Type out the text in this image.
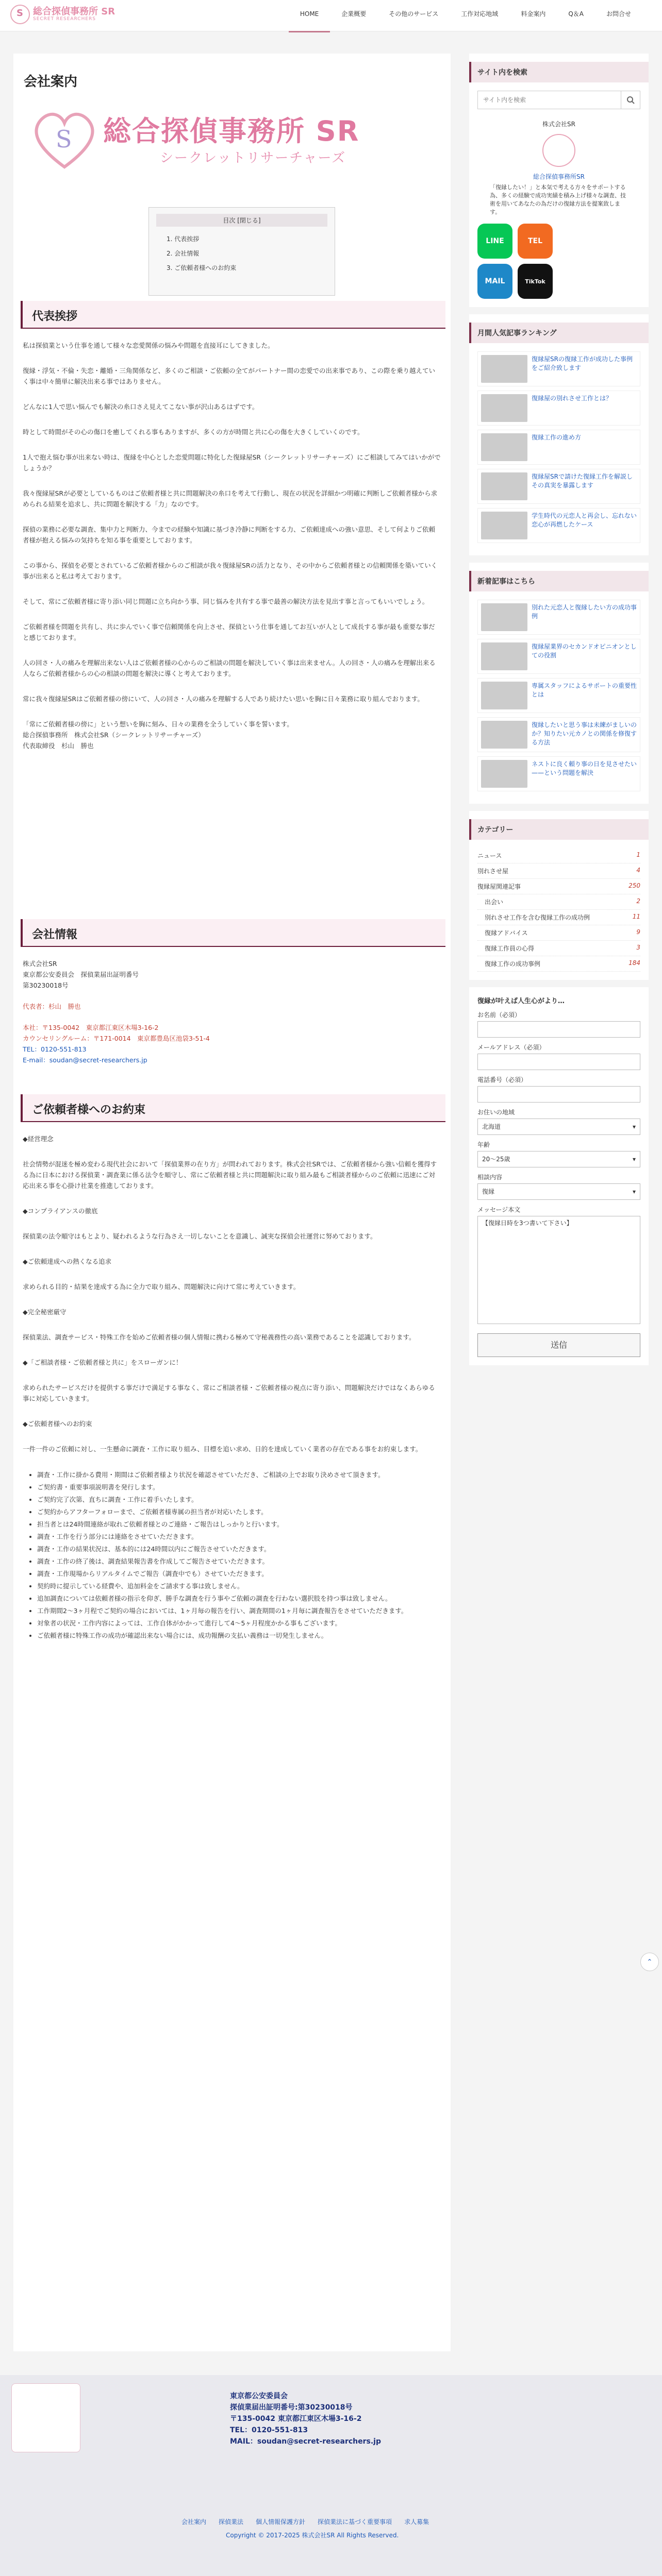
S
総合探偵事務所 SR
SECRET RESEARCHERS
HOME	企業概要	その他のサービス	工作対応地域	料金案内	Q＆A	お問合せ
会社案内
S 総合探偵事務所 SR
シークレットリサーチャーズ
目次 [閉じる]
1. 代表挨拶
2. 会社情報
3. ご依頼者様へのお約束
代表挨拶

私は探偵業という仕事を通して様々な恋愛関係の悩みや問題を直接耳にしてきました。

復縁・浮気・不倫・失恋・離婚・三角関係など、多くのご相談・ご依頼の全てがパートナー間の恋愛での出来事であり、この際を乗り越えていく事は中々簡単に解決出来る事ではありません。

どんなに1人で思い悩んでも解決の糸口さえ見えてこない事が沢山あるはずです。

時として時間がその心の傷口を癒してくれる事もありますが、多くの方が時間と共に心の傷を大きくしていくのです。

1人で抱え悩む事が出来ない時は、復縁を中心とした恋愛問題に特化した復縁屋SR（シークレットリサーチャーズ）にご相談してみてはいかがでしょうか？

我々復縁屋SRが必要としているものはご依頼者様と共に問題解決の糸口を考えて行動し、現在の状況を詳細かつ明確に判断しご依頼者様から求められる結果を追求し、共に問題を解決する「力」なのです。

探偵の業務に必要な調査、集中力と判断力、今までの経験や知識に基づき冷静に判断をする力、ご依頼達成への強い意思、そして何よりご依頼者様が抱える悩みの気持ちを知る事を重要としております。

この事から、探偵を必要とされているご依頼者様からのご相談が我々復縁屋SRの活力となり、その中からご依頼者様との信頼関係を築いていく事が出来ると私は考えております。

そして、常にご依頼者様に寄り添い同じ問題に立ち向かう事、同じ悩みを共有する事で最善の解決方法を見出す事と言ってもいいでしょう。

ご依頼者様を問題を共有し、共に歩んでいく事で信頼関係を向上させ、探偵という仕事を通してお互いが人として成長する事が最も重要な事だと感じております。

人の回さ・人の痛みを理解出来ない人はご依頼者様の心からのご相談の問題を解決していく事は出来ません。人の回さ・人の痛みを理解出来る人ならご依頼者様からの心の相談の問題を解決に導くと考えております。

常に我々復縁屋SRはご依頼者様の傍にいて、人の回さ・人の痛みを理解する人であり続けたい思いを胸に日々業務に取り組んでおります。

「常にご依頼者様の傍に」という想いを胸に刻み、日々の業務を全うしていく事を誓います。
総合探偵事務所　株式会社SR（シークレットリサーチャーズ）
代表取締役　杉山　勝也

会社情報
株式会社SR
東京都公安委員会　探偵業届出証明番号
第30230018号
代表者：杉山　勝也
本社：〒135-0042　東京都江東区木場3-16-2
カウンセリングルーム：〒171-0014　東京都豊島区池袋3-51-4
TEL：0120-551-813
E-mail：soudan@secret-researchers.jp
ご依頼者様へのお約束

◆経営理念

社会情勢が混迷を極め変わる現代社会において「探偵業界の在り方」が問われております。株式会社SRでは、ご依頼者様から強い信頼を獲得する為に日本における探偵業・調査業に係る法令を順守し、常にご依頼者様と共に問題解決に取り組み最もご相談者様からのご依頼に迅速にご対応出来る事を心掛け社業を推進しております。

◆コンプライアンスの徹底

探偵業の法令順守はもとより、疑われるような行為さえ一切しないことを意識し、誠実な探偵会社運営に努めております。

◆ご依頼達成への熱くなる追求

求められる目的・結果を達成する為に全力で取り組み、問題解決に向けて常に考えていきます。

◆完全秘密厳守

探偵業法、調査サービス・特殊工作を始めご依頼者様の個人情報に携わる極めて守秘義務性の高い業務であることを認識しております。

◆「ご相談者様・ご依頼者様と共に」をスローガンに！

求められたサービスだけを提供する事だけで満足する事なく、常にご相談者様・ご依頼者様の視点に寄り添い、問題解決だけではなくあらゆる事に対応していきます。

◆ご依頼者様へのお約束

一件一件のご依頼に対し、一生懸命に調査・工作に取り組み、目標を追い求め、日的を達成していく業者の存在である事をお約束します。

• 調査・工作に掛かる費用・期間はご依頼者様より状況を確認させていただき、ご相談の上でお取り決めさせて頂きます。
• ご契約書・重要事項説明書を発行します。
• ご契約完了次第、直ちに調査・工作に着手いたします。
• ご契約からアフターフォローまで、ご依頼者様専属の担当者が対応いたします。
• 担当者とは24時間連絡が取れご依頼者様とのご連絡・ご報告はしっかりと行います。
• 調査・工作を行う部分には連絡をさせていただきます。
• 調査・工作の結果状況は、基本的には24時間以内にご報告させていただきます。
• 調査・工作の終了後は、調査結果報告書を作成してご報告させていただきます。
• 調査・工作現場からリアルタイムでご報告（調査中でも）させていただきます。
• 契約時に提示している経費や、追加料金をご請求する事は致しません。
• 追加調査については依頼者様の指示を仰ぎ、勝手な調査を行う事やご依頼の調査を行わない選択肢を持つ事は致しません。
• 工作期間2〜3ヶ月程でご契約の場合においては、1ヶ月毎の報告を行い、調査期間の1ヶ月毎に調査報告をさせていただきます。
• 対象者の状況・工作内容によっては、工作自体がかかって進行して4〜5ヶ月程度かかる事もございます。
• ご依頼者様に特殊工作の成功が確認出来ない場合には、成功報酬の支払い義務は一切発生しません。
サイト内を検索
サイト内を検索
株式会社SR
総合探偵事務所SR
「復縁したい！」と本気で考える方々をサポートする為、多くの経験で成功実績を積み上げ様々な調査、技術を用いてあなたの為だけの復縁方法を提案致します。
LINE	TEL
MAIL	TikTok
月間人気記事ランキング
復縁屋SRの復縁工作が成功した事例をご紹介致します
復縁屋の別れさせ工作とは？
復縁工作の進め方
復縁屋SRで請けた復縁工作を解説しその真実を暴露します
学生時代の元恋人と再会し、忘れない恋心が再燃したケース
新着記事はこちら
別れた元恋人と復縁したい方の成功事例
復縁屋業界のセカンドオピニオンとしての役割
専属スタッフによるサポートの重要性とは
復縁したいと思う事は未練がましいのか？知りたい元カノとの関係を修復する方法
ネストに良く頼り事の日を見させたい——という問題を解決
カテゴリー
ニュース	1
別れさせ屋	4
復縁屋関連記事	250
出会い	2
別れさせ工作を含む復縁工作の成功例	11
復縁アドバイス	9
復縁工作員の心得	3
復縁工作の成功事例	184
復縁が叶えば人生心がより…
お名前（必須）
メールアドレス（必須）
電話番号（必須）
お住いの地域
北海道 ▾
年齢
20〜25歳 ▾
相談内容
復縁 ▾
メッセージ本文
【復縁日時を3つ書いて下さい】
送信
⌃
東京都公安委員会
探偵業届出証明番号:第30230018号
〒135-0042 東京都江東区木場3-16-2
TEL：0120-551-813
MAIL：soudan@secret-researchers.jp
会社案内 探偵業法 個人情報保護方針 探偵業法に基づく重要事項 求人募集
Copyright © 2017-2025 株式会社SR All Rights Reserved.
